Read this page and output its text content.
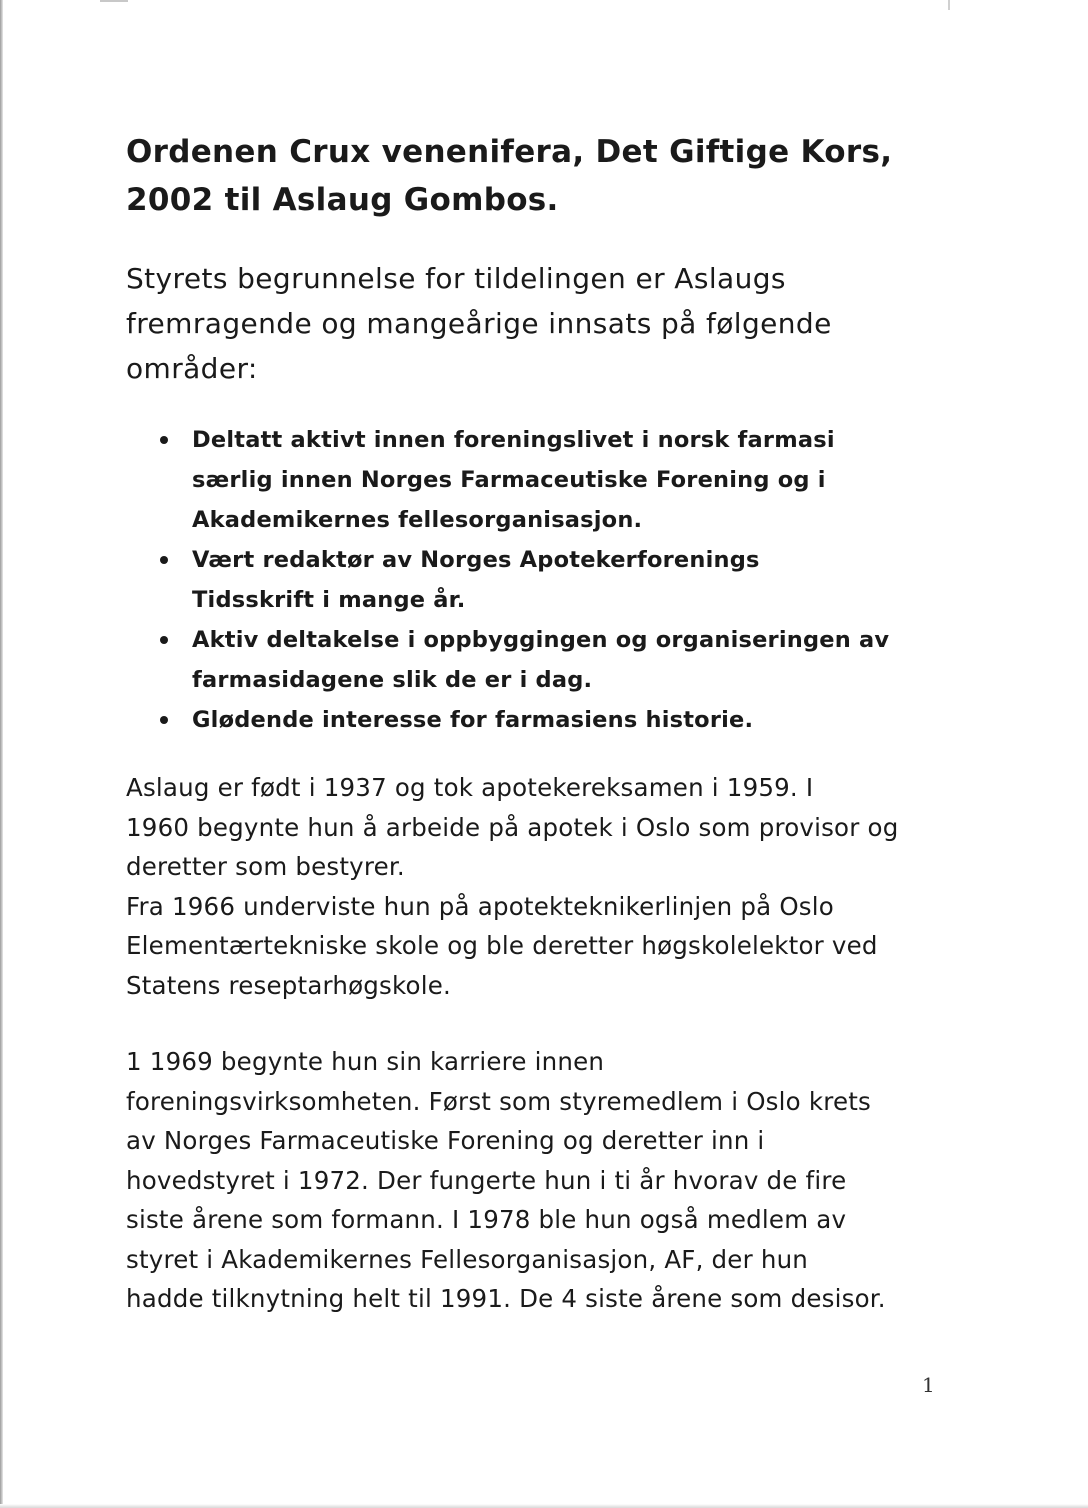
Ordenen Crux venenifera, Det Giftige Kors,
2002 til Aslaug Gombos.

Styrets begrunnelse for tildelingen er Aslaugs
fremragende og mangeårige innsats på følgende
områder:

Deltatt aktivt innen foreningslivet i norsk farmasi
særlig innen Norges Farmaceutiske Forening og i
Akademikernes fellesorganisasjon.
Vært redaktør av Norges Apotekerforenings
Tidsskrift i mange år.
Aktiv deltakelse i oppbyggingen og organiseringen av
farmasidagene slik de er i dag.
Glødende interesse for farmasiens historie.

Aslaug er født i 1937 og tok apotekereksamen i 1959. I
1960 begynte hun å arbeide på apotek i Oslo som provisor og
deretter som bestyrer.
Fra 1966 underviste hun på apotekteknikerlinjen på Oslo
Elementærtekniske skole og ble deretter høgskolelektor ved
Statens reseptarhøgskole.

1 1969 begynte hun sin karriere innen
foreningsvirksomheten. Først som styremedlem i Oslo krets
av Norges Farmaceutiske Forening og deretter inn i
hovedstyret i 1972. Der fungerte hun i ti år hvorav de fire
siste årene som formann. I 1978 ble hun også medlem av
styret i Akademikernes Fellesorganisasjon, AF, der hun
hadde tilknytning helt til 1991. De 4 siste årene som desisor.

1
